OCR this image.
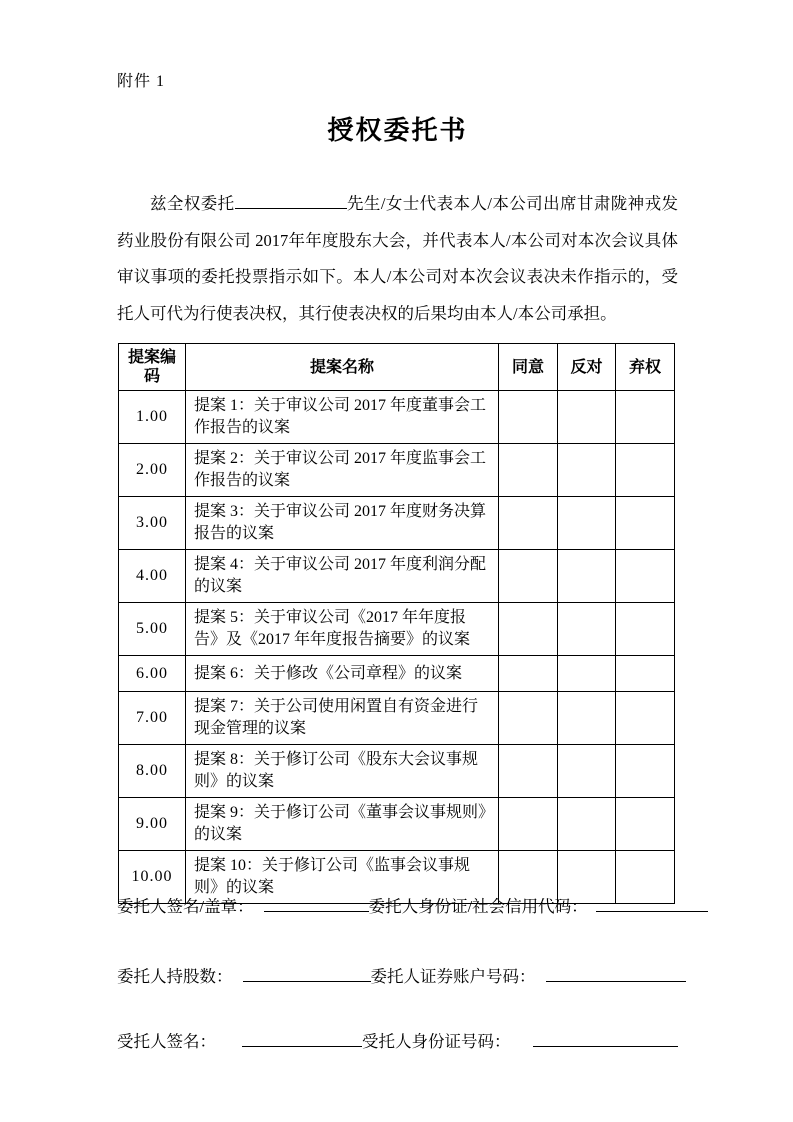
附件 1
授权委托书

兹全权委托	先生/女士代表本人/本公司出席甘肃陇神戎发药业股份有限公司 2017年年度股东大会，并代表本人/本公司对本次会议具体审议事项的委托投票指示如下。本人/本公司对本次会议表决未作指示的，受托人可代为行使表决权，其行使表决权的后果均由本人/本公司承担。

提案编码	提案名称	同意	反对	弃权
1.00	提案 1：关于审议公司 2017 年度董事会工作报告的议案			
2.00	提案 2：关于审议公司 2017 年度监事会工作报告的议案			
3.00	提案 3：关于审议公司 2017 年度财务决算报告的议案			
4.00	提案 4：关于审议公司 2017 年度利润分配的议案			
5.00	提案 5：关于审议公司《2017 年年度报告》及《2017 年年度报告摘要》的议案			
6.00	提案 6：关于修改《公司章程》的议案			
7.00	提案 7：关于公司使用闲置自有资金进行现金管理的议案			
8.00	提案 8：关于修订公司《股东大会议事规则》的议案			
9.00	提案 9：关于修订公司《董事会议事规则》的议案			
10.00	提案 10：关于修订公司《监事会议事规则》的议案			
委托人签名/盖章：	委托人身份证/社会信用代码：
委托人持股数：	委托人证券账户号码：
受托人签名：	受托人身份证号码：
